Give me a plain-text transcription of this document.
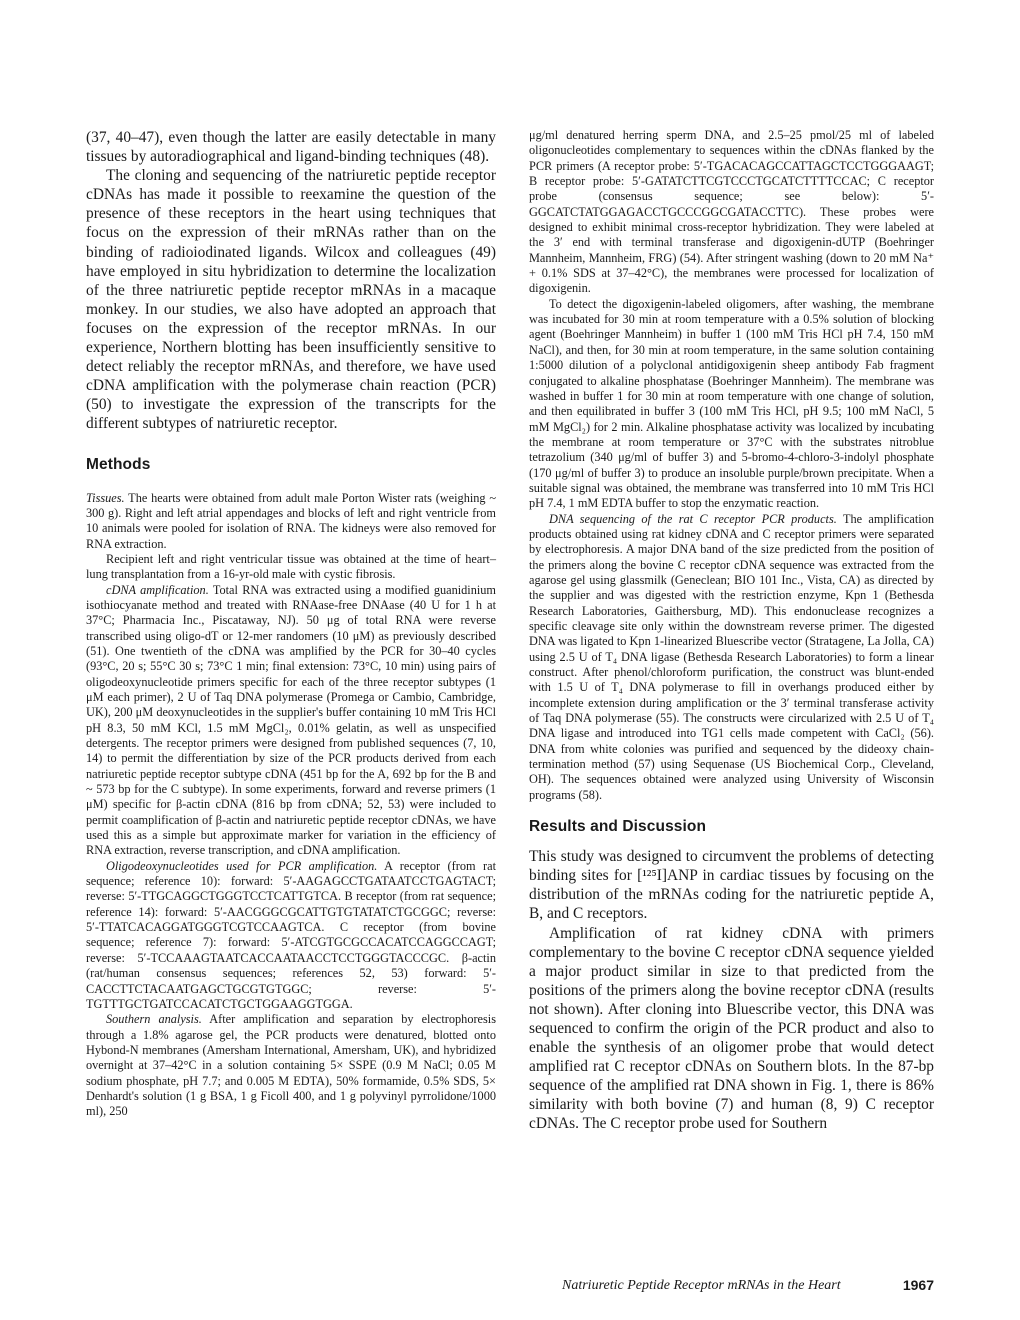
(37, 40–47), even though the latter are easily detectable in many tissues by autoradiographical and ligand-binding techniques (48).

The cloning and sequencing of the natriuretic peptide receptor cDNAs has made it possible to reexamine the question of the presence of these receptors in the heart using techniques that focus on the expression of their mRNAs rather than on the binding of radioiodinated ligands. Wilcox and colleagues (49) have employed in situ hybridization to determine the localization of the three natriuretic peptide receptor mRNAs in a macaque monkey. In our studies, we also have adopted an approach that focuses on the expression of the receptor mRNAs. In our experience, Northern blotting has been insufficiently sensitive to detect reliably the receptor mRNAs, and therefore, we have used cDNA amplification with the polymerase chain reaction (PCR) (50) to investigate the expression of the transcripts for the different subtypes of natriuretic receptor.

Methods

Tissues. The hearts were obtained from adult male Porton Wister rats (weighing ~ 300 g). Right and left atrial appendages and blocks of left and right ventricle from 10 animals were pooled for isolation of RNA. The kidneys were also removed for RNA extraction.

Recipient left and right ventricular tissue was obtained at the time of heart–lung transplantation from a 16-yr-old male with cystic fibrosis.

cDNA amplification. Total RNA was extracted using a modified guanidinium isothiocyanate method and treated with RNAase-free DNAase (40 U for 1 h at 37°C; Pharmacia Inc., Piscataway, NJ). 50 μg of total RNA were reverse transcribed using oligo-dT or 12-mer randomers (10 μM) as previously described (51). One twentieth of the cDNA was amplified by the PCR for 30–40 cycles (93°C, 20 s; 55°C 30 s; 73°C 1 min; final extension: 73°C, 10 min) using pairs of oligodeoxynucleotide primers specific for each of the three receptor subtypes (1 μM each primer), 2 U of Taq DNA polymerase (Promega or Cambio, Cambridge, UK), 200 μM deoxynucleotides in the supplier's buffer containing 10 mM Tris HCl pH 8.3, 50 mM KCl, 1.5 mM MgCl₂, 0.01% gelatin, as well as unspecified detergents. The receptor primers were designed from published sequences (7, 10, 14) to permit the differentiation by size of the PCR products derived from each natriuretic peptide receptor subtype cDNA (451 bp for the A, 692 bp for the B and ~ 573 bp for the C subtype). In some experiments, forward and reverse primers (1 μM) specific for β-actin cDNA (816 bp from cDNA; 52, 53) were included to permit coamplification of β-actin and natriuretic peptide receptor cDNAs, we have used this as a simple but approximate marker for variation in the efficiency of RNA extraction, reverse transcription, and cDNA amplification.

Oligodeoxynucleotides used for PCR amplification. A receptor (from rat sequence; reference 10): forward: 5′-AAGAGCCTGATAATCCTGAGTACT; reverse: 5′-TTGCAGGCTGGGTCCTCATTGTCA. B receptor (from rat sequence; reference 14): forward: 5′-AACGGGCGCATTGTGTATATCTGCGGC; reverse: 5′-TTATCACAGGATGGGTCGTCCAAGTCA. C receptor (from bovine sequence; reference 7): forward: 5′-ATCGTGCGCCACATCCAGGCCAGT; reverse: 5′-TCCAAAGTAATCACCAATAACCTCCTGGGTACCCGC. β-actin (rat/human consensus sequences; references 52, 53) forward: 5′-CACCTTCTACAATGAGCTGCGTGTGGC; reverse: 5′-TGTTTGCTGATCCACATCTGCTGGAAGGTGGA.

Southern analysis. After amplification and separation by electrophoresis through a 1.8% agarose gel, the PCR products were denatured, blotted onto Hybond-N membranes (Amersham International, Amersham, UK), and hybridized overnight at 37–42°C in a solution containing 5× SSPE (0.9 M NaCl; 0.05 M sodium phosphate, pH 7.7; and 0.005 M EDTA), 50% formamide, 0.5% SDS, 5× Denhardt's solution (1 g BSA, 1 g Ficoll 400, and 1 g polyvinyl pyrrolidone/1000 ml), 250

μg/ml denatured herring sperm DNA, and 2.5–25 pmol/25 ml of labeled oligonucleotides complementary to sequences within the cDNAs flanked by the PCR primers (A receptor probe: 5′-TGACACAGCCATTAGCTCCTGGGAAGT; B receptor probe: 5′-GATATCTTCGTCCCTGCATCTTTTCCAC; C receptor probe (consensus sequence; see below): 5′-GGCATCTATGGAGACCTGCCCGGCGATACCTTC). These probes were designed to exhibit minimal cross-receptor hybridization. They were labeled at the 3′ end with terminal transferase and digoxigenin-dUTP (Boehringer Mannheim, Mannheim, FRG) (54). After stringent washing (down to 20 mM Na⁺ + 0.1% SDS at 37–42°C), the membranes were processed for localization of digoxigenin.

To detect the digoxigenin-labeled oligomers, after washing, the membrane was incubated for 30 min at room temperature with a 0.5% solution of blocking agent (Boehringer Mannheim) in buffer 1 (100 mM Tris HCl pH 7.4, 150 mM NaCl), and then, for 30 min at room temperature, in the same solution containing 1:5000 dilution of a polyclonal antidigoxigenin sheep antibody Fab fragment conjugated to alkaline phosphatase (Boehringer Mannheim). The membrane was washed in buffer 1 for 30 min at room temperature with one change of solution, and then equilibrated in buffer 3 (100 mM Tris HCl, pH 9.5; 100 mM NaCl, 5 mM MgCl₂) for 2 min. Alkaline phosphatase activity was localized by incubating the membrane at room temperature or 37°C with the substrates nitroblue tetrazolium (340 μg/ml of buffer 3) and 5-bromo-4-chloro-3-indolyl phosphate (170 μg/ml of buffer 3) to produce an insoluble purple/brown precipitate. When a suitable signal was obtained, the membrane was transferred into 10 mM Tris HCl pH 7.4, 1 mM EDTA buffer to stop the enzymatic reaction.

DNA sequencing of the rat C receptor PCR products. The amplification products obtained using rat kidney cDNA and C receptor primers were separated by electrophoresis. A major DNA band of the size predicted from the position of the primers along the bovine C receptor cDNA sequence was extracted from the agarose gel using glassmilk (Geneclean; BIO 101 Inc., Vista, CA) as directed by the supplier and was digested with the restriction enzyme, Kpn 1 (Bethesda Research Laboratories, Gaithersburg, MD). This endonuclease recognizes a specific cleavage site only within the downstream reverse primer. The digested DNA was ligated to Kpn 1-linearized Bluescribe vector (Stratagene, La Jolla, CA) using 2.5 U of T₄ DNA ligase (Bethesda Research Laboratories) to form a linear construct. After phenol/chloroform purification, the construct was blunt-ended with 1.5 U of T₄ DNA polymerase to fill in overhangs produced either by incomplete extension during amplification or the 3′ terminal transferase activity of Taq DNA polymerase (55). The constructs were circularized with 2.5 U of T₄ DNA ligase and introduced into TG1 cells made competent with CaCl₂ (56). DNA from white colonies was purified and sequenced by the dideoxy chain-termination method (57) using Sequenase (US Biochemical Corp., Cleveland, OH). The sequences obtained were analyzed using University of Wisconsin programs (58).

Results and Discussion

This study was designed to circumvent the problems of detecting binding sites for [¹²⁵I]ANP in cardiac tissues by focusing on the distribution of the mRNAs coding for the natriuretic peptide A, B, and C receptors.

Amplification of rat kidney cDNA with primers complementary to the bovine C receptor cDNA sequence yielded a major product similar in size to that predicted from the positions of the primers along the bovine receptor cDNA (results not shown). After cloning into Bluescribe vector, this DNA was sequenced to confirm the origin of the PCR product and also to enable the synthesis of an oligomer probe that would detect amplified rat C receptor cDNAs on Southern blots. In the 87-bp sequence of the amplified rat DNA shown in Fig. 1, there is 86% similarity with both bovine (7) and human (8, 9) C receptor cDNAs. The C receptor probe used for Southern

Natriuretic Peptide Receptor mRNAs in the Heart	1967
